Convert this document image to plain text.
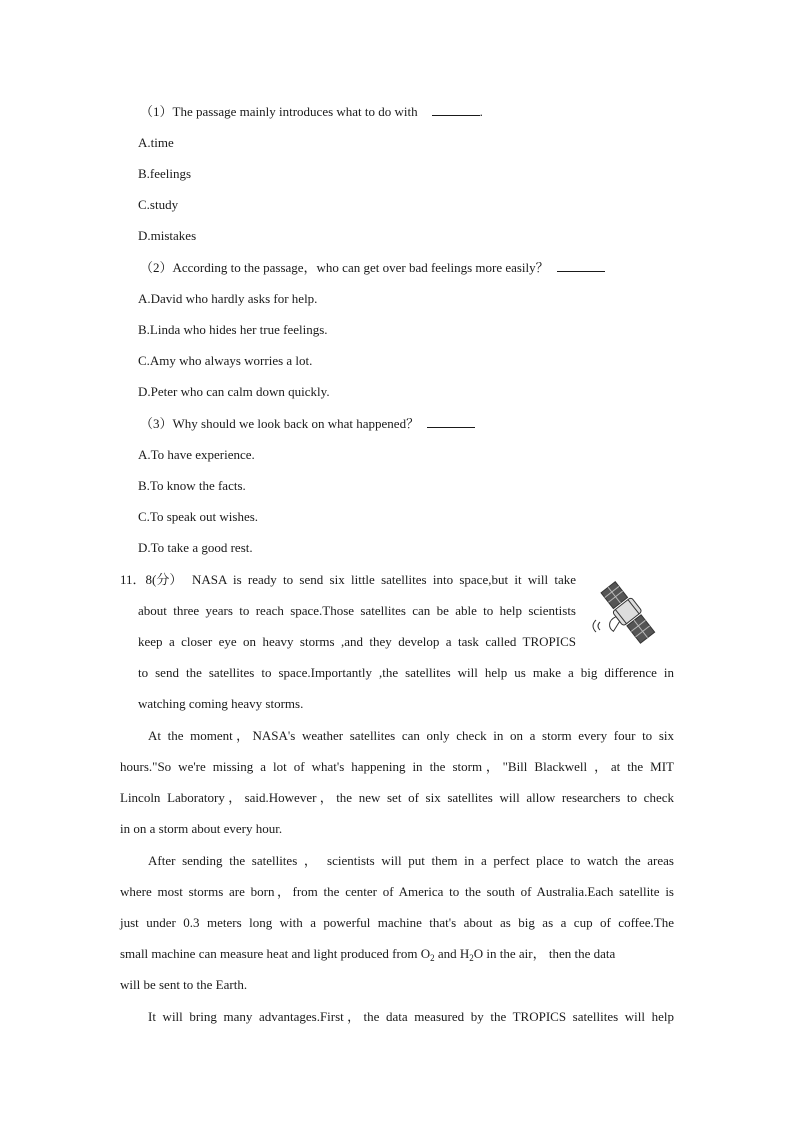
（1）The passage mainly introduces what to do with	.
A.time
B.feelings
C.study
D.mistakes
（2）According to the passage，who can get over bad feelings more easily？
A.David who hardly asks for help.
B.Linda who hides her true feelings.
C.Amy who always worries a lot.
D.Peter who can calm down quickly.
（3）Why should we look back on what happened？
A.To have experience.
B.To know the facts.
C.To speak out wishes.
D.To take a good rest.
11．8(分） NASA is ready to send six little satellites into space,but it will take
about three years to reach space.Those satellites can be able to help scientists
keep a closer eye on heavy storms ,and they develop a task called TROPICS
to send the satellites to space.Importantly ,the satellites will help us make a big difference in
watching coming heavy storms.
At the moment，NASA's weather satellites can only check in on a storm every four to six
hours."So we're missing a lot of what's happening in the storm，"Bill Blackwell ，at the MIT
Lincoln Laboratory，said.However，the new set of six satellites will allow researchers to check
in on a storm about every hour.
After sending the satellites ， scientists will put them in a perfect place to watch the areas
where most storms are born，from the center of America to the south of Australia.Each satellite is
just under 0.3 meters long with a powerful machine that's about as big as a cup of coffee.The
small machine can measure heat and light produced from $O_2$ and $H_2O$ in the air， then the data
will be sent to the Earth.
It will bring many advantages.First，the data measured by the TROPICS satellites will help
